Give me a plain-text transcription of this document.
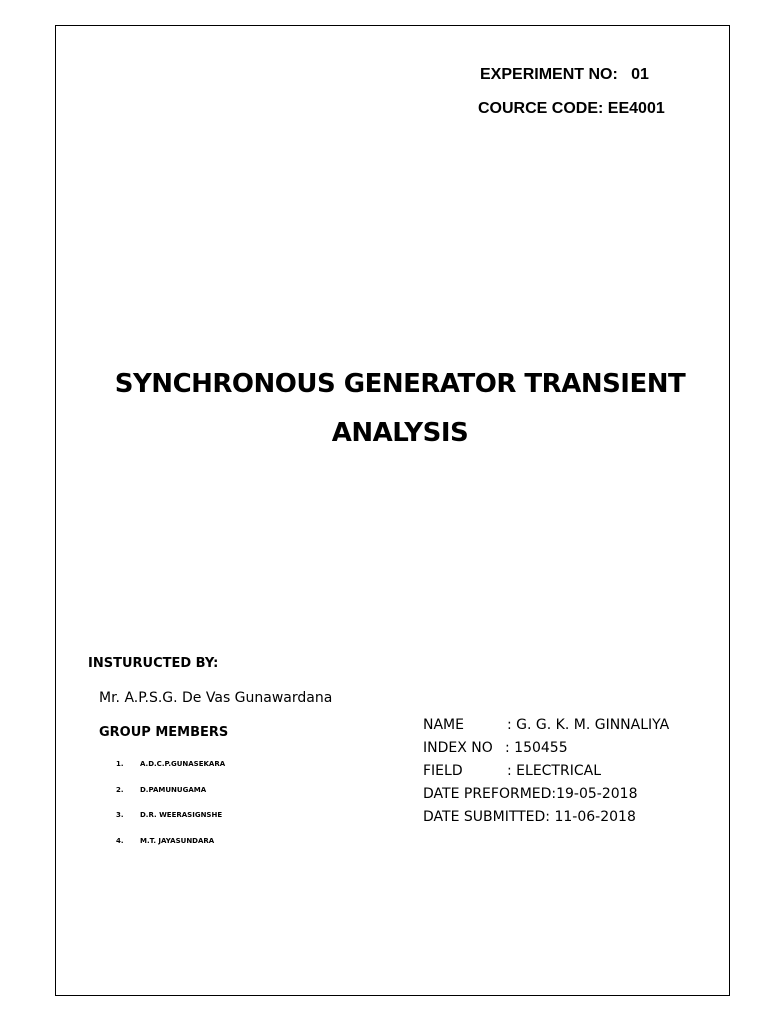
EXPERIMENT NO: 01
COURCE CODE: EE4001
SYNCHRONOUS GENERATOR TRANSIENT
ANALYSIS
INSTURUCTED BY:
Mr. A.P.S.G. De Vas Gunawardana
GROUP MEMBERS
1. A.D.C.P.GUNASEKARA
2. D.PAMUNUGAMA
3. D.R. WEERASIGNSHE
4. M.T. JAYASUNDARA
NAME	: G. G. K. M. GINNALIYA
INDEX NO : 150455
FIELD	: ELECTRICAL
DATE PREFORMED:19-05-2018
DATE SUBMITTED: 11-06-2018
